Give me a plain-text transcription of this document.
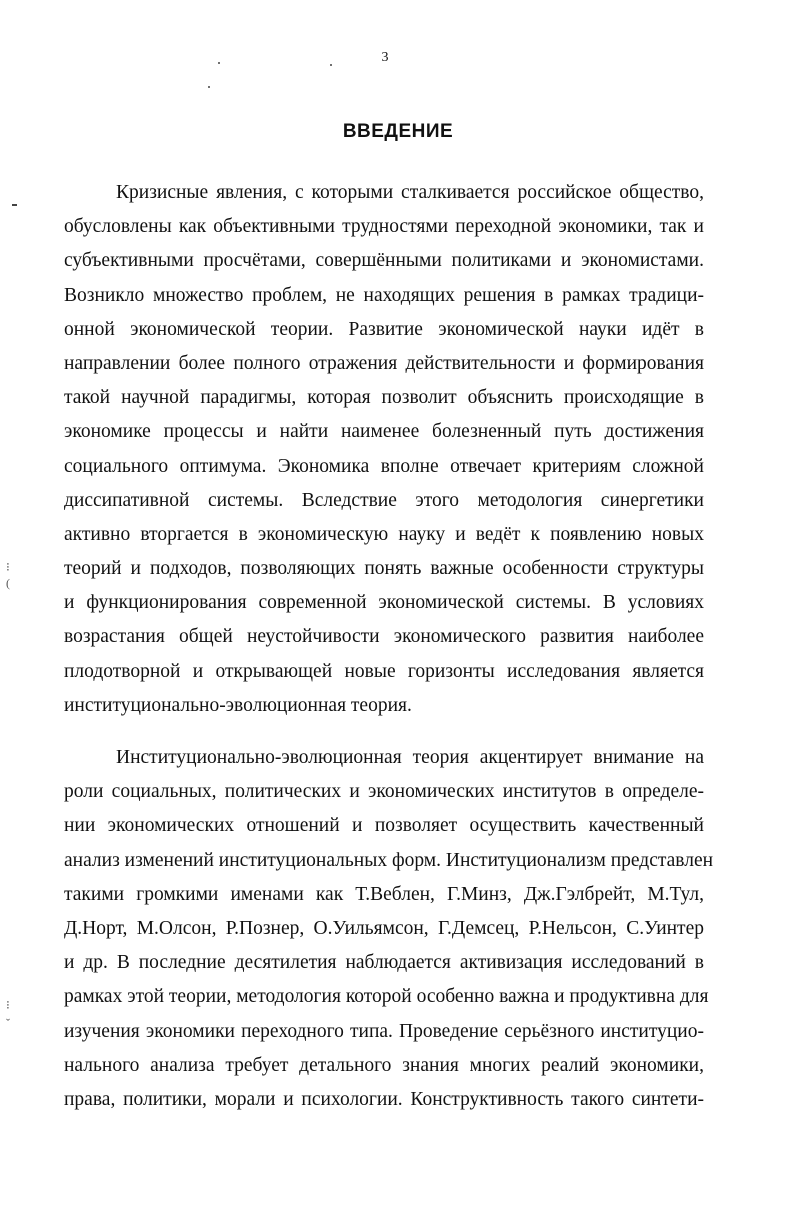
3
⁝
(
⁝
ˇ
ВВЕДЕНИЕ
Кризисные явления, с которыми сталкивается российское общество,
обусловлены как объективными трудностями переходной экономики, так и
субъективными просчётами, совершёнными политиками и экономистами.
Возникло множество проблем, не находящих решения в рамках традици-
онной экономической теории. Развитие экономической науки идёт в
направлении более полного отражения действительности и формирования
такой научной парадигмы, которая позволит объяснить происходящие в
экономике процессы и найти наименее болезненный путь достижения
социального оптимума. Экономика вполне отвечает критериям сложной
диссипативной системы. Вследствие этого методология синергетики
активно вторгается в экономическую науку и ведёт к появлению новых
теорий и подходов, позволяющих понять важные особенности структуры
и функционирования современной экономической системы. В условиях
возрастания общей неустойчивости экономического развития наиболее
плодотворной и открывающей новые горизонты исследования является
институционально-эволюционная теория.
Институционально-эволюционная теория акцентирует внимание на
роли социальных, политических и экономических институтов в определе-
нии экономических отношений и позволяет осуществить качественный
анализ изменений институциональных форм. Институционализм представлен
такими громкими именами как Т.Веблен, Г.Минз, Дж.Гэлбрейт, М.Тул,
Д.Норт, М.Олсон, Р.Познер, О.Уильямсон, Г.Демсец, Р.Нельсон, С.Уинтер
и др. В последние десятилетия наблюдается активизация исследований в
рамках этой теории, методология которой особенно важна и продуктивна для
изучения экономики переходного типа. Проведение серьёзного институцио-
нального анализа требует детального знания многих реалий экономики,
права, политики, морали и психологии. Конструктивность такого синтети-
